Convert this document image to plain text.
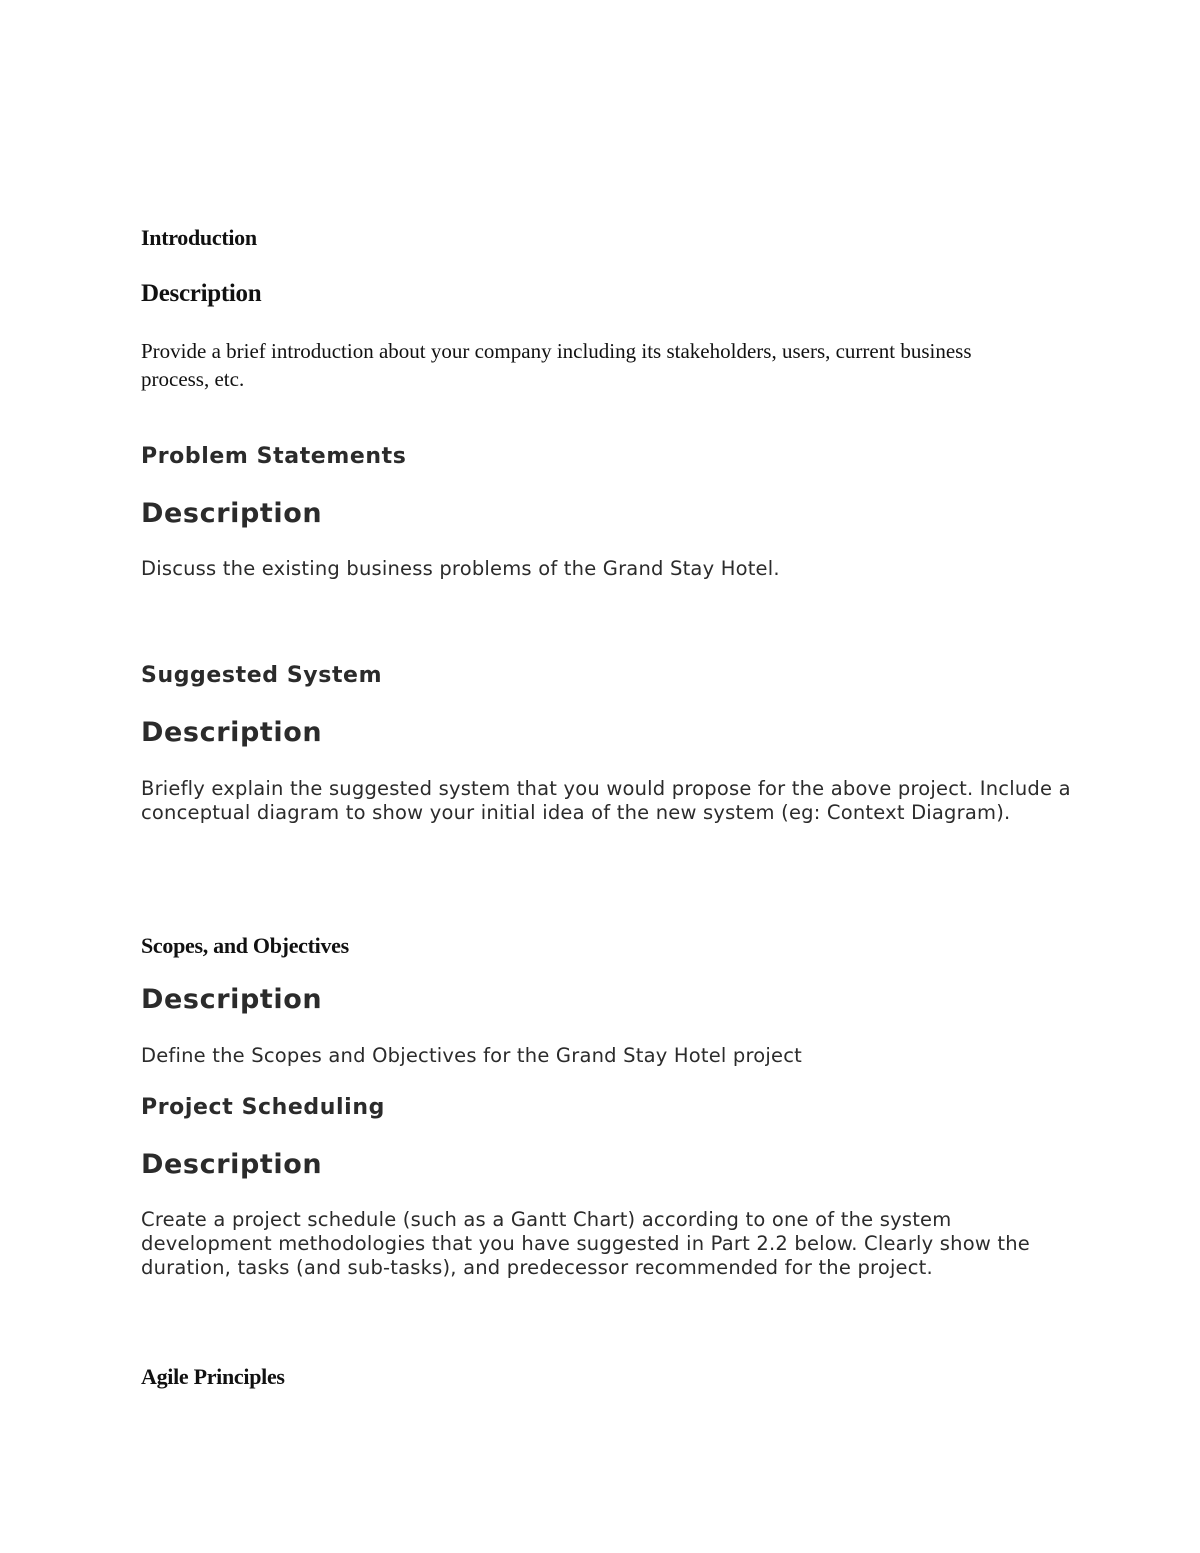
Introduction
Description

Provide a brief introduction about your company including its stakeholders, users, current business process, etc.

Problem Statements
Description

Discuss the existing business problems of the Grand Stay Hotel.

Suggested System
Description

Briefly explain the suggested system that you would propose for the above project. Include a conceptual diagram to show your initial idea of the new system (eg: Context Diagram).

Scopes, and Objectives
Description

Define the Scopes and Objectives for the Grand Stay Hotel project

Project Scheduling
Description

Create a project schedule (such as a Gantt Chart) according to one of the system development methodologies that you have suggested in Part 2.2 below. Clearly show the duration, tasks (and sub-tasks), and predecessor recommended for the project.

Agile Principles
